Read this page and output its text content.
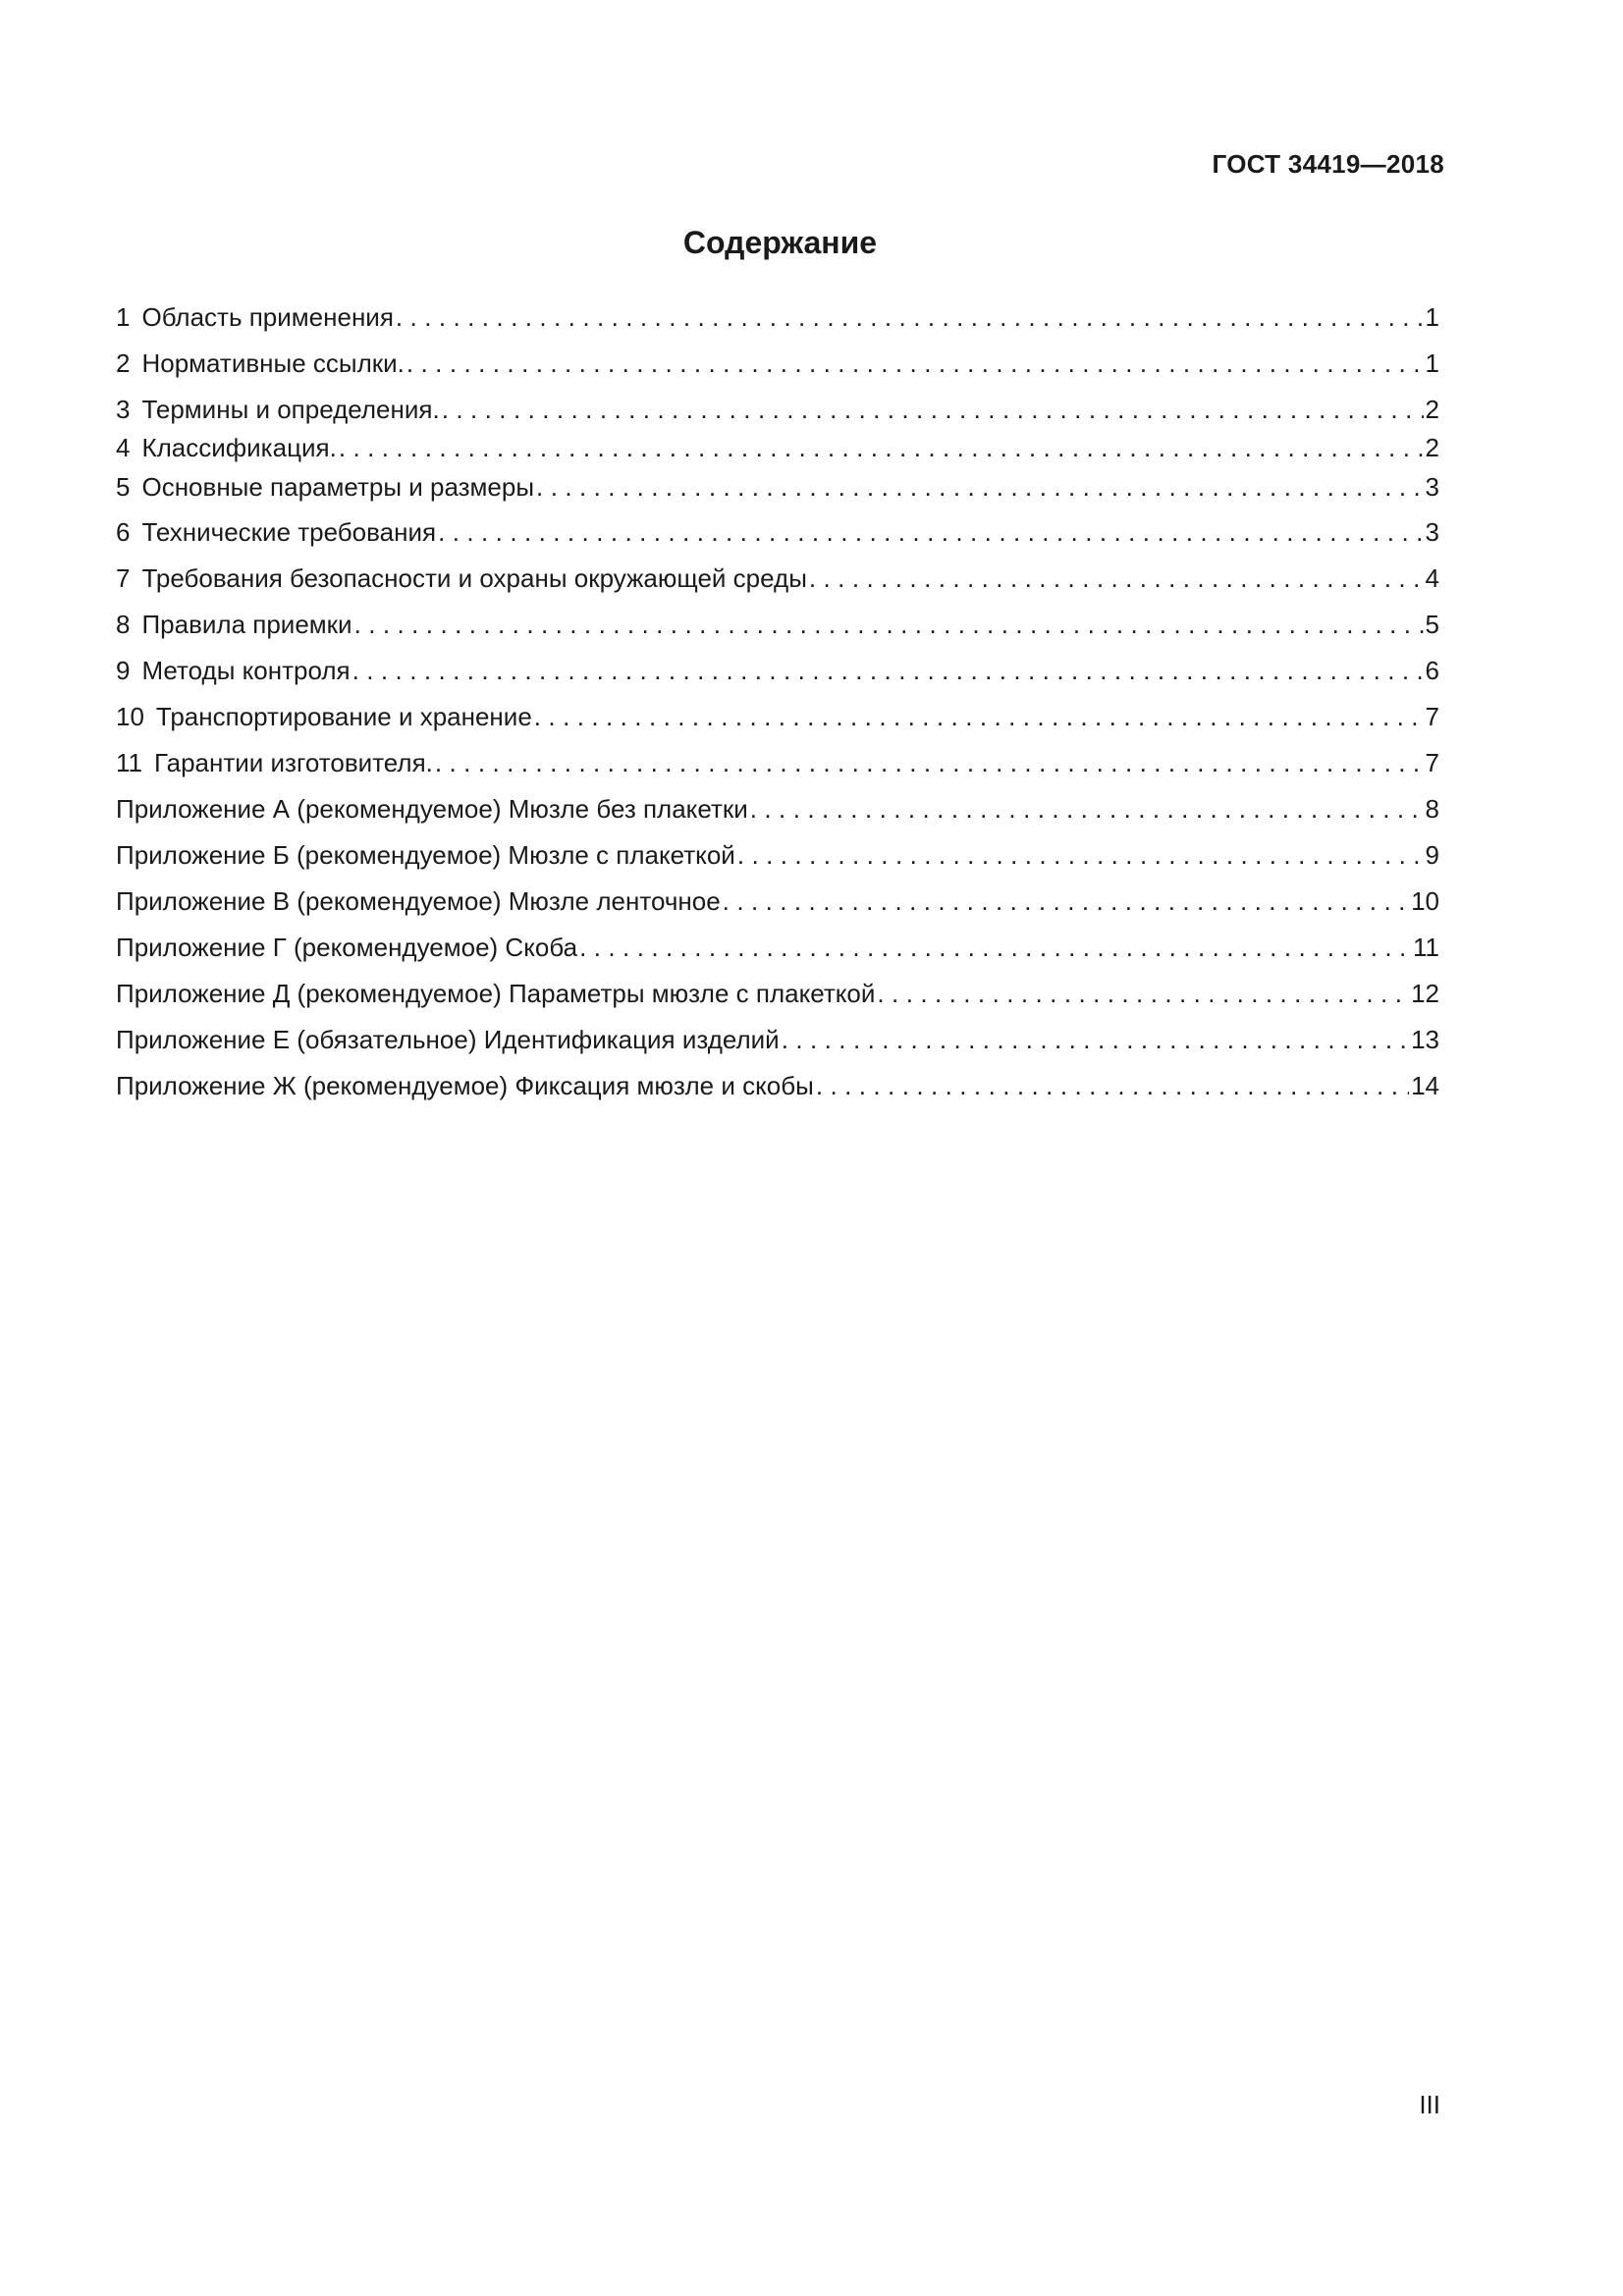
ГОСТ 34419—2018
Содержание
1 Область применения . . .	1
2 Нормативные ссылки. . . .	1
3 Термины и определения. . . .	2
4 Классификация. . . .	2
5 Основные параметры и размеры . . .	3
6 Технические требования . . .	3
7 Требования безопасности и охраны окружающей среды . . .	4
8 Правила приемки . . .	5
9 Методы контроля . . .	6
10 Транспортирование и хранение . . .	7
11 Гарантии изготовителя. . . .	7
Приложение А (рекомендуемое) Мюзле без плакетки . . .	8
Приложение Б (рекомендуемое) Мюзле с плакеткой . . .	9
Приложение В (рекомендуемое) Мюзле ленточное . . .	10
Приложение Г (рекомендуемое) Скоба . . .	11
Приложение Д (рекомендуемое) Параметры мюзле с плакеткой . . .	12
Приложение Е (обязательное) Идентификация изделий . . .	13
Приложение Ж (рекомендуемое) Фиксация мюзле и скобы . . .	14
III
